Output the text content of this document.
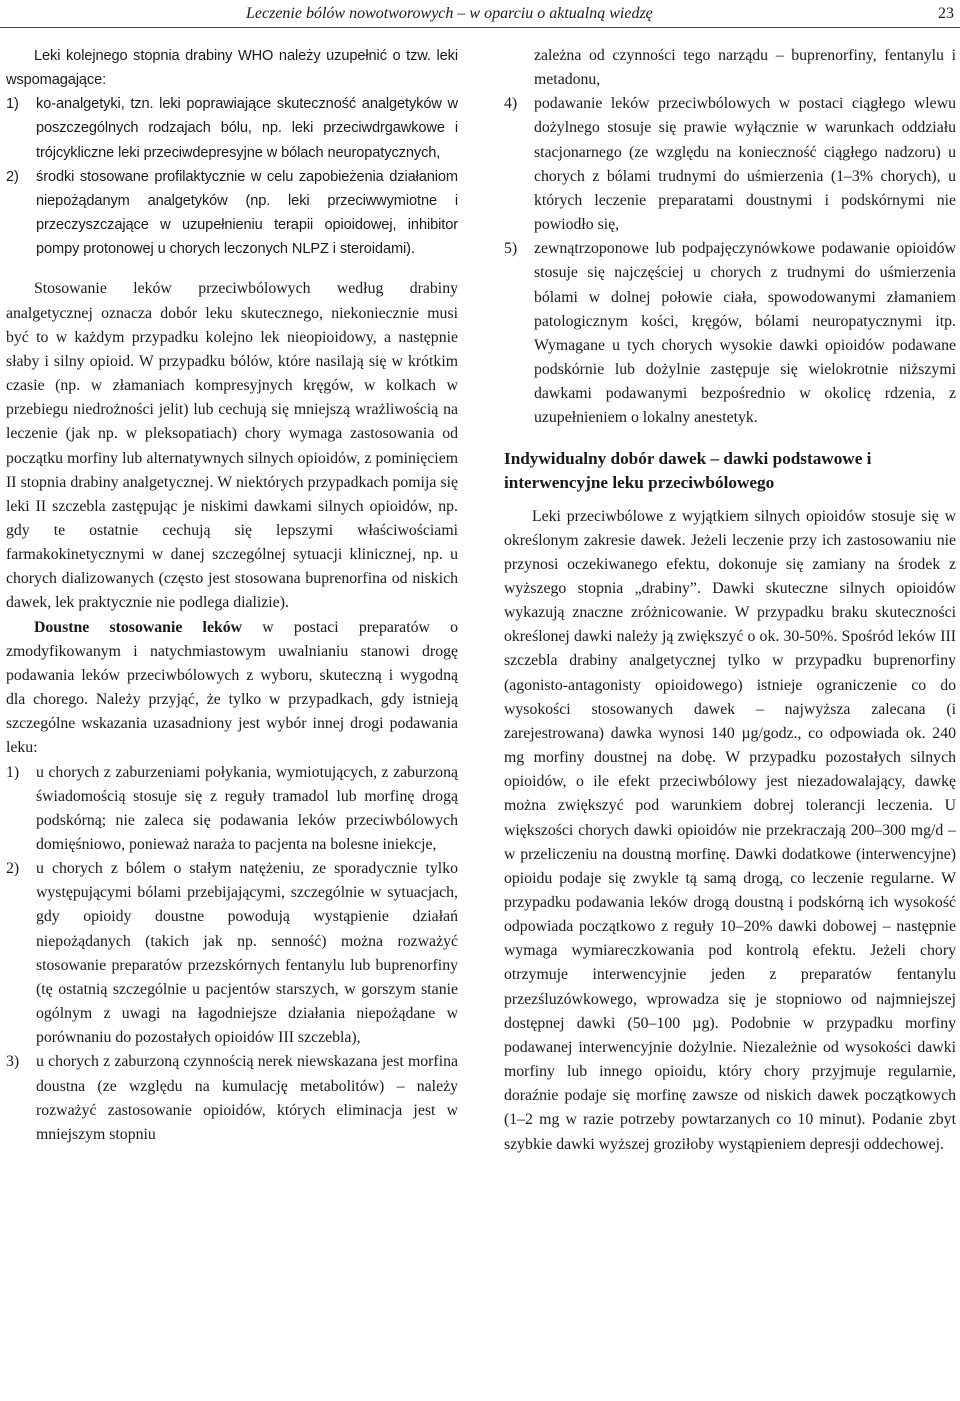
Leczenie bólów nowotworowych – w oparciu o aktualną wiedzę	23

Leki kolejnego stopnia drabiny WHO należy uzupełnić o tzw. leki wspomagające:

1)	ko-analgetyki, tzn. leki poprawiające skuteczność analgetyków w poszczególnych rodzajach bólu, np. leki przeciwdrgawkowe i trójcykliczne leki przeciwdepresyjne w bólach neuropatycznych,
2)	środki stosowane profilaktycznie w celu zapobieżenia działaniom niepożądanym analgetyków (np. leki przeciwwymiotne i przeczyszczające w uzupełnieniu terapii opioidowej, inhibitor pompy protonowej u chorych leczonych NLPZ i steroidami).

Stosowanie leków przeciwbólowych według drabiny analgetycznej oznacza dobór leku skutecznego, niekoniecznie musi być to w każdym przypadku kolejno lek nieopioidowy, a następnie słaby i silny opioid. W przypadku bólów, które nasilają się w krótkim czasie (np. w złamaniach kompresyjnych kręgów, w kolkach w przebiegu niedrożności jelit) lub cechują się mniejszą wrażliwością na leczenie (jak np. w pleksopatiach) chory wymaga zastosowania od początku morfiny lub alternatywnych silnych opioidów, z pominięciem II stopnia drabiny analgetycznej. W niektórych przypadkach pomija się leki II szczebla zastępując je niskimi dawkami silnych opioidów, np. gdy te ostatnie cechują się lepszymi właściwościami farmakokinetycznymi w danej szczególnej sytuacji klinicznej, np. u chorych dializowanych (często jest stosowana buprenorfina od niskich dawek, lek praktycznie nie podlega dializie).

Doustne stosowanie leków w postaci preparatów o zmodyfikowanym i natychmiastowym uwalnianiu stanowi drogę podawania leków przeciwbólowych z wyboru, skuteczną i wygodną dla chorego. Należy przyjąć, że tylko w przypadkach, gdy istnieją szczególne wskazania uzasadniony jest wybór innej drogi podawania leku:

1)	u chorych z zaburzeniami połykania, wymiotujących, z zaburzoną świadomością stosuje się z reguły tramadol lub morfinę drogą podskórną; nie zaleca się podawania leków przeciwbólowych domięśniowo, ponieważ naraża to pacjenta na bolesne iniekcje,
2)	u chorych z bólem o stałym natężeniu, ze sporadycznie tylko występującymi bólami przebijającymi, szczególnie w sytuacjach, gdy opioidy doustne powodują wystąpienie działań niepożądanych (takich jak np. senność) można rozważyć stosowanie preparatów przezskórnych fentanylu lub buprenorfiny (tę ostatnią szczególnie u pacjentów starszych, w gorszym stanie ogólnym z uwagi na łagodniejsze działania niepożądane w porównaniu do pozostałych opioidów III szczebla),
3)	u chorych z zaburzoną czynnością nerek niewskazana jest morfina doustna (ze względu na kumulację metabolitów) – należy rozważyć zastosowanie opioidów, których eliminacja jest w mniejszym stopniu
zależna od czynności tego narządu – buprenorfiny, fentanylu i metadonu,
4)	podawanie leków przeciwbólowych w postaci ciągłego wlewu dożylnego stosuje się prawie wyłącznie w warunkach oddziału stacjonarnego (ze względu na konieczność ciągłego nadzoru) u chorych z bólami trudnymi do uśmierzenia (1–3% chorych), u których leczenie preparatami doustnymi i podskórnymi nie powiodło się,
5)	zewnątrzoponowe lub podpajęczynówkowe podawanie opioidów stosuje się najczęściej u chorych z trudnymi do uśmierzenia bólami w dolnej połowie ciała, spowodowanymi złamaniem patologicznym kości, kręgów, bólami neuropatycznymi itp. Wymagane u tych chorych wysokie dawki opioidów podawane podskórnie lub dożylnie zastępuje się wielokrotnie niższymi dawkami podawanymi bezpośrednio w okolicę rdzenia, z uzupełnieniem o lokalny anestetyk.
Indywidualny dobór dawek – dawki podstawowe i interwencyjne leku przeciwbólowego

Leki przeciwbólowe z wyjątkiem silnych opioidów stosuje się w określonym zakresie dawek. Jeżeli leczenie przy ich zastosowaniu nie przynosi oczekiwanego efektu, dokonuje się zamiany na środek z wyższego stopnia „drabiny”. Dawki skuteczne silnych opioidów wykazują znaczne zróżnicowanie. W przypadku braku skuteczności określonej dawki należy ją zwiększyć o ok. 30-50%. Spośród leków III szczebla drabiny analgetycznej tylko w przypadku buprenorfiny (agonisto-antagonisty opioidowego) istnieje ograniczenie co do wysokości stosowanych dawek – najwyższa zalecana (i zarejestrowana) dawka wynosi 140 µg/godz., co odpowiada ok. 240 mg morfiny doustnej na dobę. W przypadku pozostałych silnych opioidów, o ile efekt przeciwbólowy jest niezadowalający, dawkę można zwiększyć pod warunkiem dobrej tolerancji leczenia. U większości chorych dawki opioidów nie przekraczają 200–300 mg/d – w przeliczeniu na doustną morfinę. Dawki dodatkowe (interwencyjne) opioidu podaje się zwykle tą samą drogą, co leczenie regularne. W przypadku podawania leków drogą doustną i podskórną ich wysokość odpowiada początkowo z reguły 10–20% dawki dobowej – następnie wymaga wymiareczkowania pod kontrolą efektu. Jeżeli chory otrzymuje interwencyjnie jeden z preparatów fentanylu przezśluzówkowego, wprowadza się je stopniowo od najmniejszej dostępnej dawki (50–100 µg). Podobnie w przypadku morfiny podawanej interwencyjnie dożylnie. Niezależnie od wysokości dawki morfiny lub innego opioidu, który chory przyjmuje regularnie, doraźnie podaje się morfinę zawsze od niskich dawek początkowych (1–2 mg w razie potrzeby powtarzanych co 10 minut). Podanie zbyt szybkie dawki wyższej groziłoby wystąpieniem depresji oddechowej.
